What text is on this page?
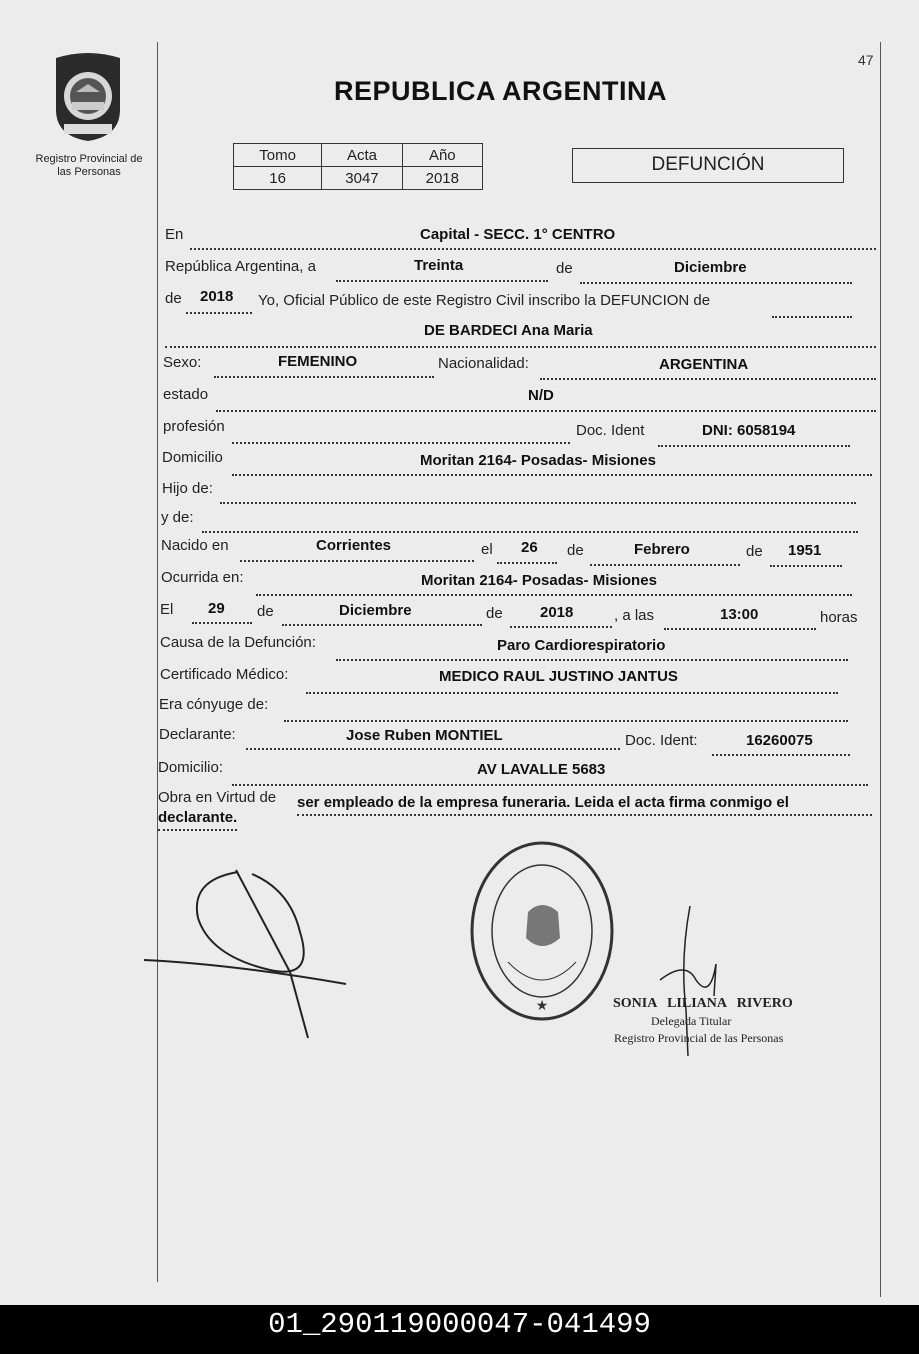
47
Registro Provincial de
las Personas
REPUBLICA ARGENTINA
Tomo	Acta	Año
16	3047	2018
DEFUNCIÓN
En	Capital - SECC. 1° CENTRO
República Argentina, a	Treinta	de	Diciembre
de 2018 Yo, Oficial Público de este Registro Civil inscribo la DEFUNCION de
DE BARDECI Ana Maria
Sexo:	FEMENINO	Nacionalidad:	ARGENTINA
estado	N/D
profesión	Doc. Ident	DNI: 6058194
Domicilio	Moritan 2164- Posadas- Misiones
Hijo de:
y de:
Nacido en	Corrientes	el 26 de	Febrero	de 1951
Ocurrida en:	Moritan 2164- Posadas- Misiones
El 29 de	Diciembre	de 2018	, a las	13:00	horas
Causa de la Defunción:	Paro Cardiorespiratorio
Certificado Médico:	MEDICO RAUL JUSTINO JANTUS
Era cónyuge de:
Declarante:	Jose Ruben MONTIEL	Doc. Ident:	16260075
Domicilio:	AV LAVALLE 5683
Obra en Virtud de ser empleado de la empresa funeraria. Leida el acta firma conmigo el
declarante.
★	SONIA   LILIANA   RIVERO
Delegada Titular
Registro Provincial de las Personas
01_290119000047-041499
